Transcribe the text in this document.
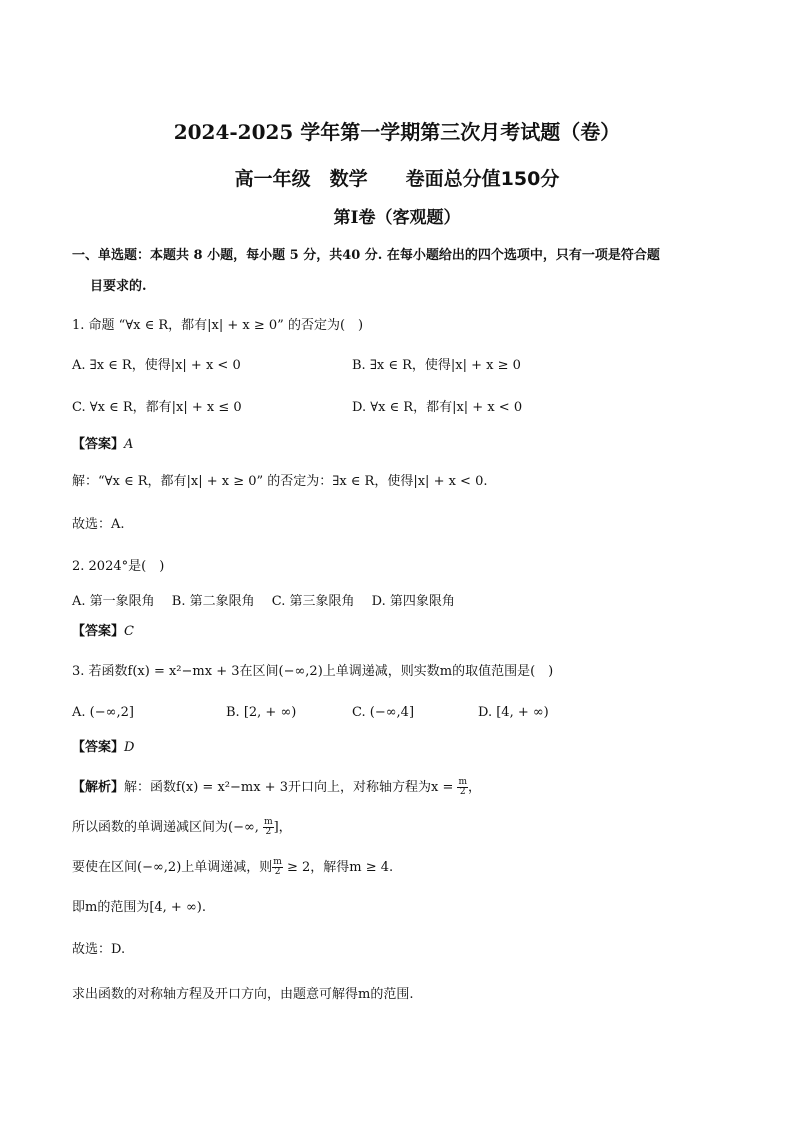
2024-2025 学年第一学期第三次月考试题（卷）
高一年级　数学　　卷面总分值150分
第Ⅰ卷（客观题）
一、单选题：本题共 8 小题，每小题 5 分，共40 分. 在每小题给出的四个选项中，只有一项是符合题
目要求的.
1. 命题 “∀x ∈ R，都有|x| + x ≥ 0” 的否定为(　)
A. ∃x ∈ R，使得|x| + x < 0	B. ∃x ∈ R，使得|x| + x ≥ 0
C. ∀x ∈ R，都有|x| + x ≤ 0	D. ∀x ∈ R，都有|x| + x < 0
【答案】A
解：“∀x ∈ R，都有|x| + x ≥ 0” 的否定为：∃x ∈ R，使得|x| + x < 0.
故选：A.
2. 2024°是(　)
A. 第一象限角　 B. 第二象限角　 C. 第三象限角　 D. 第四象限角
【答案】C
3. 若函数f(x) = x²−mx + 3在区间(−∞,2)上单调递减，则实数m的取值范围是(　)
A. (−∞,2]	B. [2, + ∞)	C. (−∞,4]	D. [4, + ∞)
【答案】D
【解析】解：函数f(x) = x²−mx + 3开口向上，对称轴方程为$x = \frac{m}{2}$ ，
所以函数的单调递减区间为(−∞, $\frac{m}{2}$ ]，
要使在区间(−∞,2)上单调递减，则 $\frac{m}{2} \ge 2$，解得m ≥ 4.
即m的范围为[4, + ∞).
故选：D.
求出函数的对称轴方程及开口方向，由题意可解得m的范围.
